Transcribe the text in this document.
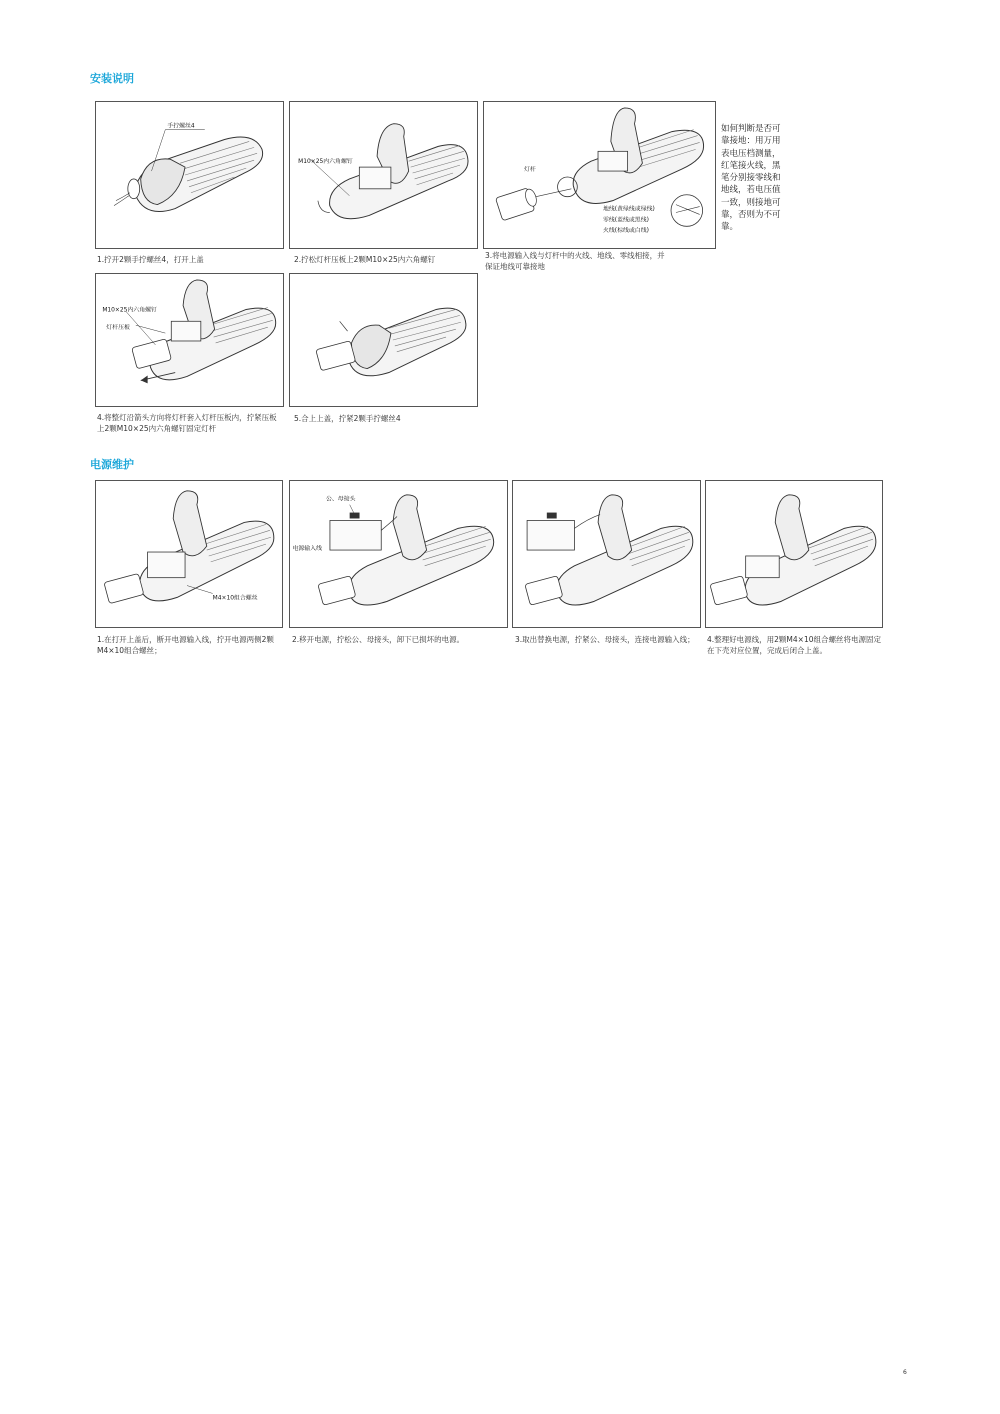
安装说明
手拧螺丝4
1.拧开2颗手拧螺丝4，打开上盖
M10×25内六角螺钉
2.拧松灯杆压板上2颗M10×25内六角螺钉
灯杆
地线(黄绿线或绿线)
零线(蓝线或黑线)
火线(棕线或白线)
3.将电源输入线与灯杆中的火线、地线、零线相接，并保证地线可靠接地
如何判断是否可靠接地：用万用表电压档测量，红笔接火线，黑笔分别接零线和地线，若电压值一致，则接地可靠，否则为不可靠。
M10×25内六角螺钉
灯杆压板
4.将整灯沿箭头方向将灯杆套入灯杆压板内，拧紧压板上2颗M10×25内六角螺钉固定灯杆
5.合上上盖，拧紧2颗手拧螺丝4
电源维护
M4×10组合螺丝
1.在打开上盖后，断开电源输入线，拧开电源两侧2颗M4×10组合螺丝；
公、母接头
电源输入线
2.移开电源，拧松公、母接头，卸下已损坏的电源。	3.取出替换电源，拧紧公、母接头，连接电源输入线；	4.整理好电源线，用2颗M4×10组合螺丝将电源固定在下壳对应位置，完成后闭合上盖。
6
